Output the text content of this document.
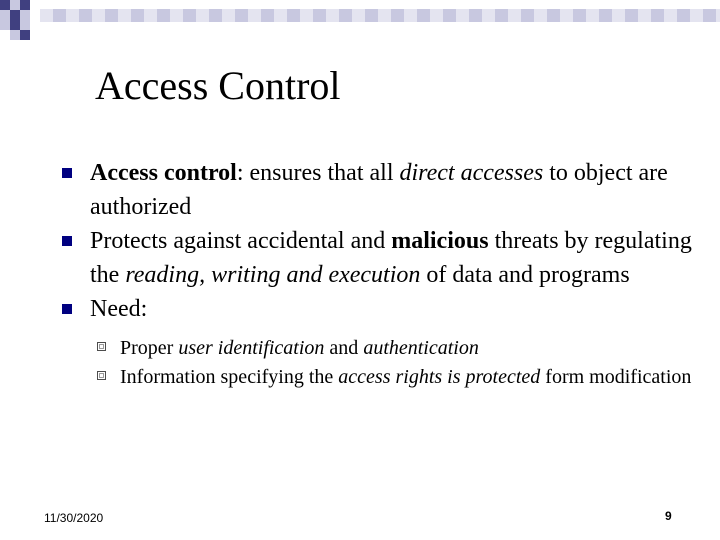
Access Control
Access control: ensures that all direct accesses to object are authorized
Protects against accidental and malicious threats by regulating the reading, writing and execution of data and programs
Need:
Proper user identification and authentication
Information specifying the access rights is protected form modification
11/30/2020	9
